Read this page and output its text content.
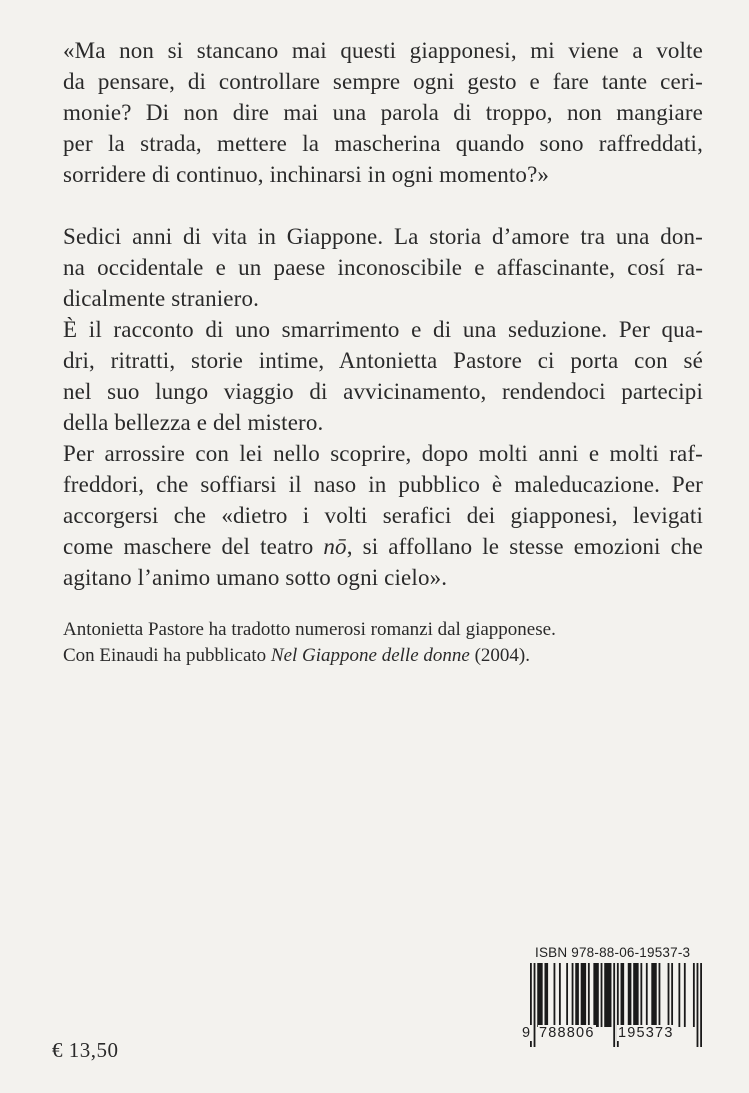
«Ma non si stancano mai questi giapponesi, mi viene a volte
da pensare, di controllare sempre ogni gesto e fare tante ceri-
monie? Di non dire mai una parola di troppo, non mangiare
per la strada, mettere la mascherina quando sono raffreddati,
sorridere di continuo, inchinarsi in ogni momento?»

Sedici anni di vita in Giappone. La storia d’amore tra una don-
na occidentale e un paese inconoscibile e affascinante, cosí ra-
dicalmente straniero.

È il racconto di uno smarrimento e di una seduzione. Per qua-
dri, ritratti, storie intime, Antonietta Pastore ci porta con sé
nel suo lungo viaggio di avvicinamento, rendendoci partecipi
della bellezza e del mistero.

Per arrossire con lei nello scoprire, dopo molti anni e molti raf-
freddori, che soffiarsi il naso in pubblico è maleducazione. Per
accorgersi che «dietro i volti serafici dei giapponesi, levigati
come maschere del teatro nō, si affollano le stesse emozioni che
agitano l’animo umano sotto ogni cielo».

Antonietta Pastore ha tradotto numerosi romanzi dal giapponese.
Con Einaudi ha pubblicato Nel Giappone delle donne (2004).
ISBN 978-88-06-19537-3
9 788806 195373
€ 13,50
